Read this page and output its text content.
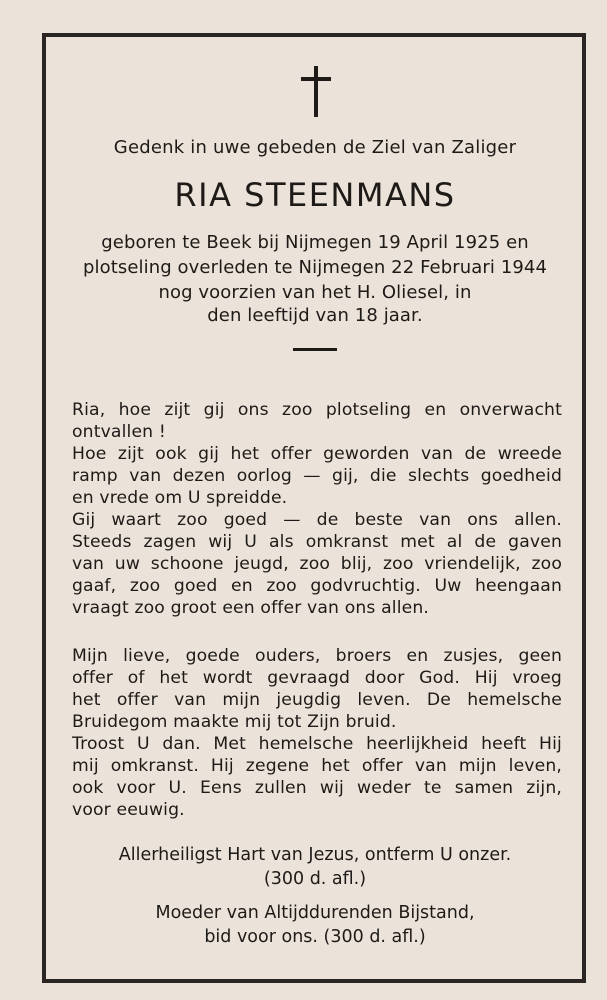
Gedenk in uwe gebeden de Ziel van Zaliger
RIA STEENMANS
geboren te Beek bij Nijmegen 19 April 1925 en
plotseling overleden te Nijmegen 22 Februari 1944
nog voorzien van het H. Oliesel, in
den leeftijd van 18 jaar.
Ria, hoe zijt gij ons zoo plotseling en onverwacht
ontvallen !
Hoe zijt ook gij het offer geworden van de wreede
ramp van dezen oorlog — gij, die slechts goedheid
en vrede om U spreidde.
Gij waart zoo goed — de beste van ons allen.
Steeds zagen wij U als omkranst met al de gaven
van uw schoone jeugd, zoo blij, zoo vriendelijk, zoo
gaaf, zoo goed en zoo godvruchtig. Uw heengaan
vraagt zoo groot een offer van ons allen.
Mijn lieve, goede ouders, broers en zusjes, geen
offer of het wordt gevraagd door God. Hij vroeg
het offer van mijn jeugdig leven. De hemelsche
Bruidegom maakte mij tot Zijn bruid.
Troost U dan. Met hemelsche heerlijkheid heeft Hij
mij omkranst. Hij zegene het offer van mijn leven,
ook voor U. Eens zullen wij weder te samen zijn,
voor eeuwig.
Allerheiligst Hart van Jezus, ontferm U onzer.
(300 d. afl.)
Moeder van Altijddurenden Bijstand,
bid voor ons. (300 d. afl.)
